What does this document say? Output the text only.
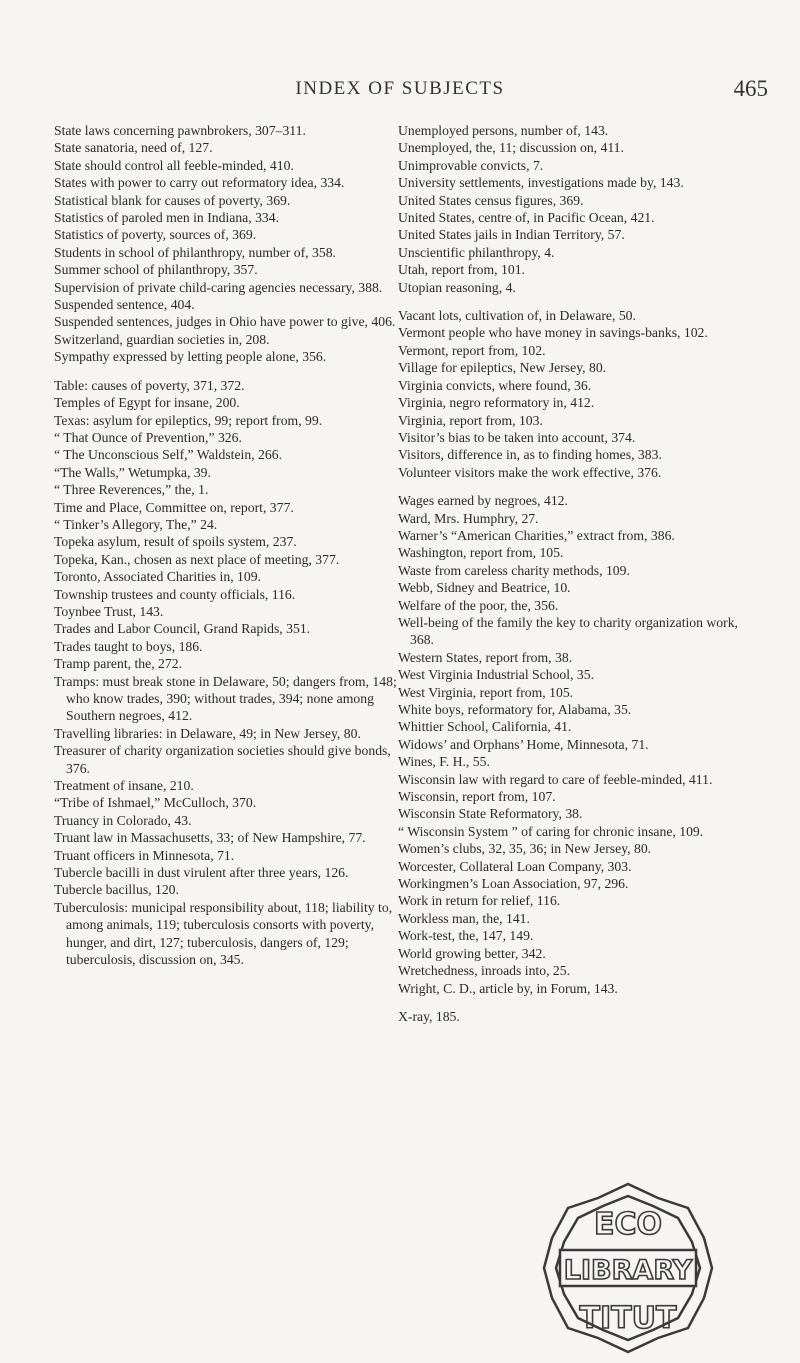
INDEX OF SUBJECTS	465

State laws concerning pawnbrokers, 307–311.

State sanatoria, need of, 127.

State should control all feeble-minded, 410.

States with power to carry out reformatory idea, 334.

Statistical blank for causes of poverty, 369.

Statistics of paroled men in Indiana, 334.

Statistics of poverty, sources of, 369.

Students in school of philanthropy, number of, 358.

Summer school of philanthropy, 357.

Supervision of private child-caring agencies necessary, 388.

Suspended sentence, 404.

Suspended sentences, judges in Ohio have power to give, 406.

Switzerland, guardian societies in, 208.

Sympathy expressed by letting people alone, 356.

Table: causes of poverty, 371, 372.

Temples of Egypt for insane, 200.

Texas: asylum for epileptics, 99; report from, 99.

“ That Ounce of Prevention,” 326.

“ The Unconscious Self,” Waldstein, 266.

“The Walls,” Wetumpka, 39.

“ Three Reverences,” the, 1.

Time and Place, Committee on, report, 377.

“ Tinker’s Allegory, The,” 24.

Topeka asylum, result of spoils system, 237.

Topeka, Kan., chosen as next place of meeting, 377.

Toronto, Associated Charities in, 109.

Township trustees and county officials, 116.

Toynbee Trust, 143.

Trades and Labor Council, Grand Rapids, 351.

Trades taught to boys, 186.

Tramp parent, the, 272.

Tramps: must break stone in Delaware, 50; dangers from, 148; who know trades, 390; without trades, 394; none among Southern negroes, 412.

Travelling libraries: in Delaware, 49; in New Jersey, 80.

Treasurer of charity organization societies should give bonds, 376.

Treatment of insane, 210.

“Tribe of Ishmael,” McCulloch, 370.

Truancy in Colorado, 43.

Truant law in Massachusetts, 33; of New Hampshire, 77.

Truant officers in Minnesota, 71.

Tubercle bacilli in dust virulent after three years, 126.

Tubercle bacillus, 120.

Tuberculosis: municipal responsibility about, 118; liability to, among animals, 119; tuberculosis consorts with poverty, hunger, and dirt, 127; tuberculosis, dangers of, 129; tuberculosis, discussion on, 345.

Unemployed persons, number of, 143.

Unemployed, the, 11; discussion on, 411.

Unimprovable convicts, 7.

University settlements, investigations made by, 143.

United States census figures, 369.

United States, centre of, in Pacific Ocean, 421.

United States jails in Indian Territory, 57.

Unscientific philanthropy, 4.

Utah, report from, 101.

Utopian reasoning, 4.

Vacant lots, cultivation of, in Delaware, 50.

Vermont people who have money in savings-banks, 102.

Vermont, report from, 102.

Village for epileptics, New Jersey, 80.

Virginia convicts, where found, 36.

Virginia, negro reformatory in, 412.

Virginia, report from, 103.

Visitor’s bias to be taken into account, 374.

Visitors, difference in, as to finding homes, 383.

Volunteer visitors make the work effective, 376.

Wages earned by negroes, 412.

Ward, Mrs. Humphry, 27.

Warner’s “American Charities,” extract from, 386.

Washington, report from, 105.

Waste from careless charity methods, 109.

Webb, Sidney and Beatrice, 10.

Welfare of the poor, the, 356.

Well-being of the family the key to charity organization work, 368.

Western States, report from, 38.

West Virginia Industrial School, 35.

West Virginia, report from, 105.

White boys, reformatory for, Alabama, 35.

Whittier School, California, 41.

Widows’ and Orphans’ Home, Minnesota, 71.

Wines, F. H., 55.

Wisconsin law with regard to care of feeble-minded, 411.

Wisconsin, report from, 107.

Wisconsin State Reformatory, 38.

“ Wisconsin System ” of caring for chronic insane, 109.

Women’s clubs, 32, 35, 36; in New Jersey, 80.

Worcester, Collateral Loan Company, 303.

Workingmen’s Loan Association, 97, 296.

Work in return for relief, 116.

Workless man, the, 141.

Work-test, the, 147, 149.

World growing better, 342.

Wretchedness, inroads into, 25.

Wright, C. D., article by, in Forum, 143.

X-ray, 185.

ECO
LIBRARY
TITUT
